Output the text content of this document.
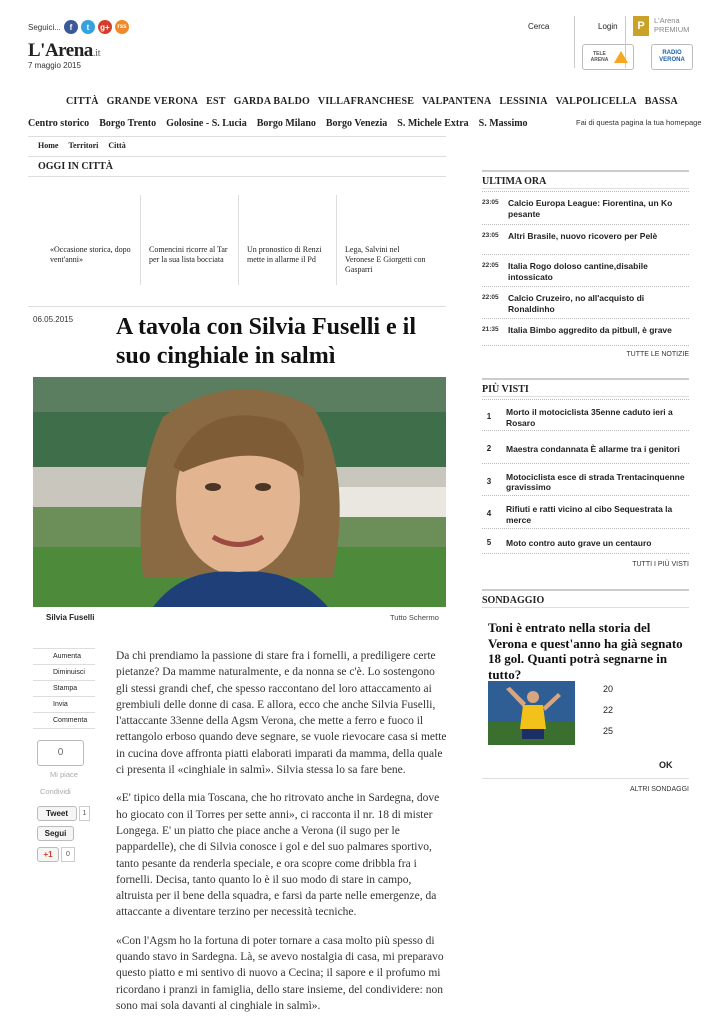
Seguici...	f	t	g+	rss
L'Arena.it
7 maggio 2015
Cerca	Login	P	L'Arena
PREMIUM
TELE ARENA
RADIO VERONA
CITTÀ GRANDE VERONA EST GARDA BALDO VILLAFRANCHESE VALPANTENA LESSINIA VALPOLICELLA BASSA
Centro storico Borgo Trento Golosine - S. Lucia Borgo Milano Borgo Venezia S. Michele Extra S. Massimo	Fai di questa pagina la tua homepage
Home Territori Città
OGGI IN CITTÀ
«Occasione storica, dopo vent'anni»
Comencini ricorre al Tar per la sua lista bocciata
Un pronostico di Renzi mette in allarme il Pd
Lega, Salvini nel Veronese E Giorgetti con Gasparri
06.05.2015 A tavola con Silvia Fuselli e il suo cinghiale in salmì
Silvia Fuselli	Tutto Schermo
Aumenta
Diminuisci
Stampa
Invia
Commenta
0
Mi piace
Condividi
Tweet	1
Segui
+1	0

Da chi prendiamo la passione di stare fra i fornelli, a prediligere certe pietanze? Da mamme naturalmente, e da nonna se c'è. Lo sostengono gli stessi grandi chef, che spesso raccontano del loro attaccamento ai grembiuli delle donne di casa. E allora, ecco che anche Silvia Fuselli, l'attaccante 33enne della Agsm Verona, che mette a ferro e fuoco il rettangolo erboso quando deve segnare, se vuole rievocare casa si mette in cucina dove affronta piatti elaborati imparati da mamma, della quale ci presenta il «cinghiale in salmì». Silvia stessa lo sa fare bene.

«E' tipico della mia Toscana, che ho ritrovato anche in Sardegna, dove ho giocato con il Torres per sette anni», ci racconta il nr. 18 di mister Longega. E' un piatto che piace anche a Verona (il sugo per le pappardelle), che di Silvia conosce i gol e del suo palmares sportivo, tanto pesante da renderla speciale, e ora scopre come dribbla fra i fornelli. Decisa, tanto quanto lo è il suo modo di stare in campo, altruista per il bene della squadra, e farsi da parte nelle emergenze, da attaccante a diventare terzino per necessità tecniche.

«Con l'Agsm ho la fortuna di poter tornare a casa molto più spesso di quando stavo in Sardegna. Là, se avevo nostalgia di casa, mi preparavo questo piatto e mi sentivo di nuovo a Cecina; il sapore e il profumo mi ricordano i pranzi in famiglia, dello stare insieme, del condividere: non sono mai sola davanti al cinghiale in salmì».

ULTIMA ORA
23:05	Calcio Europa League: Fiorentina, un Ko pesante
23:05	Altri Brasile, nuovo ricovero per Pelè
22:05	Italia Rogo doloso cantine,disabile intossicato
22:05	Calcio Cruzeiro, no all'acquisto di Ronaldinho
21:35	Italia Bimbo aggredito da pitbull, è grave
TUTTE LE NOTIZIE
PIÙ VISTI
1	Morto il motociclista 35enne caduto ieri a Rosaro
2	Maestra condannata È allarme tra i genitori
3	Motociclista esce di strada Trentacinquenne gravissimo
4	Rifiuti e ratti vicino al cibo Sequestrata la merce
5	Moto contro auto grave un centauro
TUTTI I PIÙ VISTI
SONDAGGIO
Toni è entrato nella storia del Verona e quest'anno ha già segnato 18 gol. Quanti potrà segnarne in tutto?
20
22
25
OK
ALTRI SONDAGGI
